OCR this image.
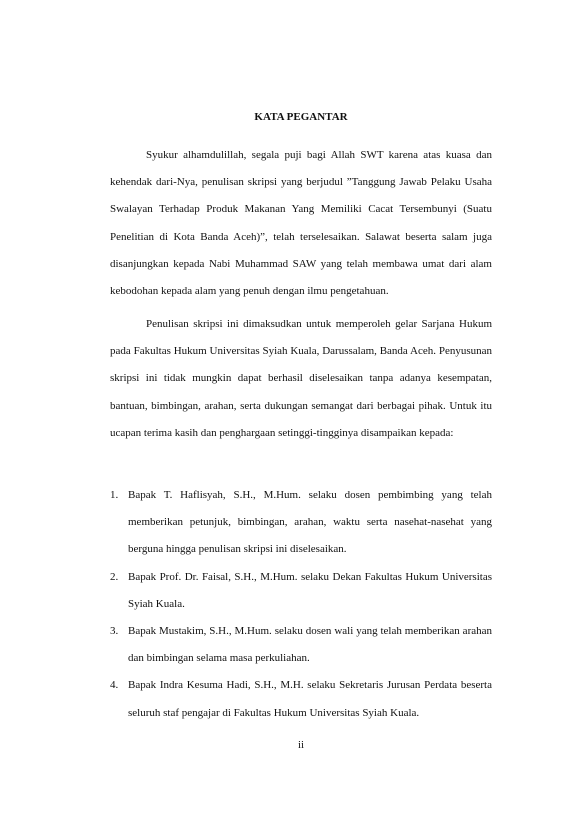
KATA PEGANTAR

Syukur alhamdulillah, segala puji bagi Allah SWT karena atas kuasa dan kehendak dari-Nya, penulisan skripsi yang berjudul ”Tanggung Jawab Pelaku Usaha Swalayan Terhadap Produk Makanan Yang Memiliki Cacat Tersembunyi (Suatu Penelitian di Kota Banda Aceh)”, telah terselesaikan. Salawat beserta salam juga disanjungkan kepada Nabi Muhammad SAW yang telah membawa umat dari alam kebodohan kepada alam yang penuh dengan ilmu pengetahuan.

Penulisan skripsi ini dimaksudkan untuk memperoleh gelar Sarjana Hukum pada Fakultas Hukum Universitas Syiah Kuala, Darussalam, Banda Aceh. Penyusunan skripsi ini tidak mungkin dapat berhasil diselesaikan tanpa adanya kesempatan, bantuan, bimbingan, arahan, serta dukungan semangat dari berbagai pihak. Untuk itu ucapan terima kasih dan penghargaan setinggi-tingginya disampaikan kepada:

1. Bapak T. Haflisyah, S.H., M.Hum. selaku dosen pembimbing yang telah memberikan petunjuk, bimbingan, arahan, waktu serta nasehat-nasehat yang berguna hingga penulisan skripsi ini diselesaikan.
2. Bapak Prof. Dr. Faisal, S.H., M.Hum. selaku Dekan Fakultas Hukum Universitas Syiah Kuala.
3. Bapak Mustakim, S.H., M.Hum. selaku dosen wali yang telah memberikan arahan dan bimbingan selama masa perkuliahan.
4. Bapak Indra Kesuma Hadi, S.H., M.H. selaku Sekretaris Jurusan Perdata beserta seluruh staf pengajar di Fakultas Hukum Universitas Syiah Kuala.

ii
